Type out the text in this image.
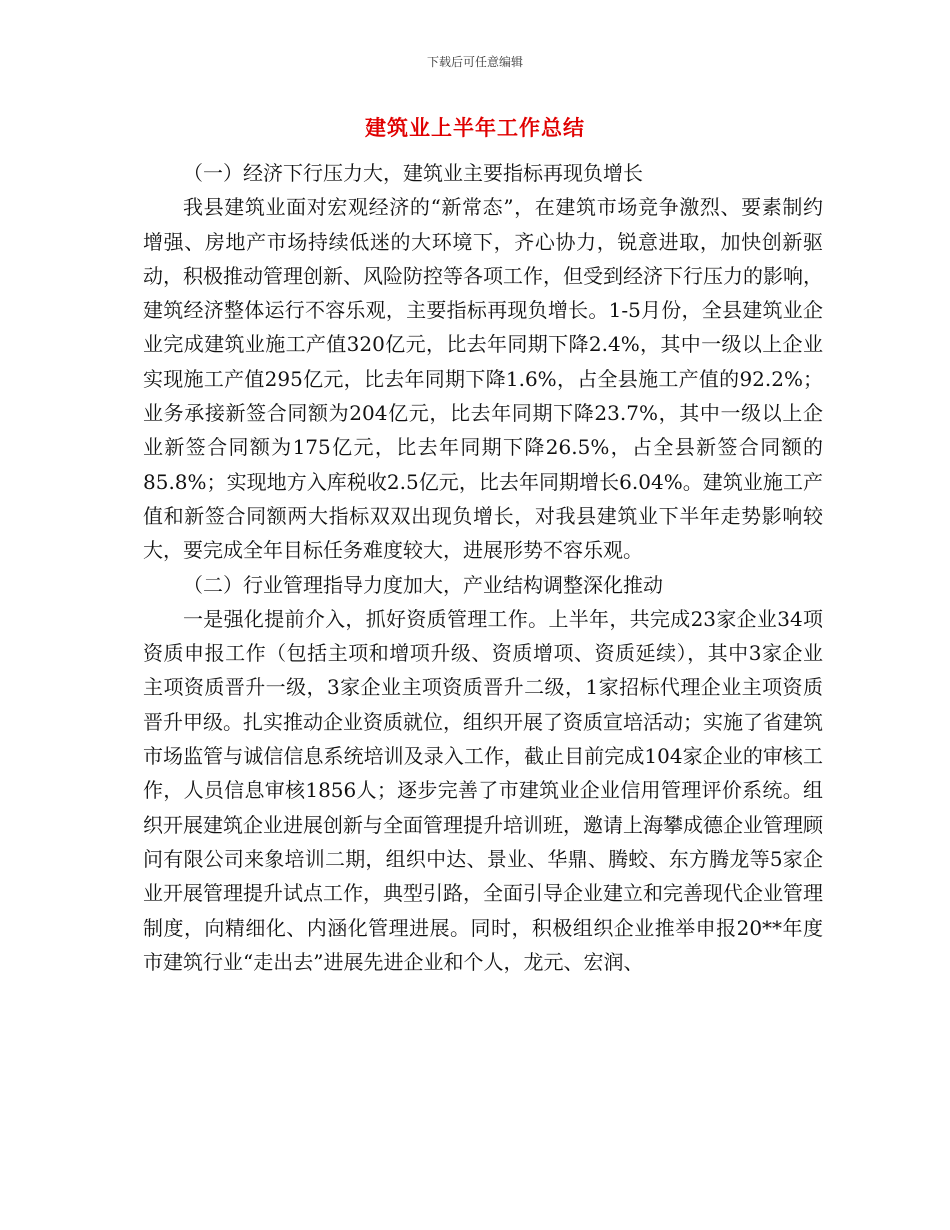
下载后可任意编辑
建筑业上半年工作总结

（一）经济下行压力大，建筑业主要指标再现负增长

我县建筑业面对宏观经济的“新常态”，在建筑市场竞争激烈、要素制约增强、房地产市场持续低迷的大环境下，齐心协力，锐意进取，加快创新驱动，积极推动管理创新、风险防控等各项工作，但受到经济下行压力的影响，建筑经济整体运行不容乐观，主要指标再现负增长。1-5月份，全县建筑业企业完成建筑业施工产值320亿元，比去年同期下降2.4%，其中一级以上企业实现施工产值295亿元，比去年同期下降1.6%，占全县施工产值的92.2%；业务承接新签合同额为204亿元，比去年同期下降23.7%，其中一级以上企业新签合同额为175亿元，比去年同期下降26.5%，占全县新签合同额的85.8%；实现地方入库税收2.5亿元，比去年同期增长6.04%。建筑业施工产值和新签合同额两大指标双双出现负增长，对我县建筑业下半年走势影响较大，要完成全年目标任务难度较大，进展形势不容乐观。

（二）行业管理指导力度加大，产业结构调整深化推动

一是强化提前介入，抓好资质管理工作。上半年，共完成23家企业34项资质申报工作（包括主项和增项升级、资质增项、资质延续），其中3家企业主项资质晋升一级，3家企业主项资质晋升二级，1家招标代理企业主项资质晋升甲级。扎实推动企业资质就位，组织开展了资质宣培活动；实施了省建筑市场监管与诚信信息系统培训及录入工作，截止目前完成104家企业的审核工作，人员信息审核1856人；逐步完善了市建筑业企业信用管理评价系统。组织开展建筑企业进展创新与全面管理提升培训班，邀请上海攀成德企业管理顾问有限公司来象培训二期，组织中达、景业、华鼎、腾蛟、东方腾龙等5家企业开展管理提升试点工作，典型引路，全面引导企业建立和完善现代企业管理制度，向精细化、内涵化管理进展。同时，积极组织企业推举申报20**年度市建筑行业“走出去”进展先进企业和个人，龙元、宏润、
